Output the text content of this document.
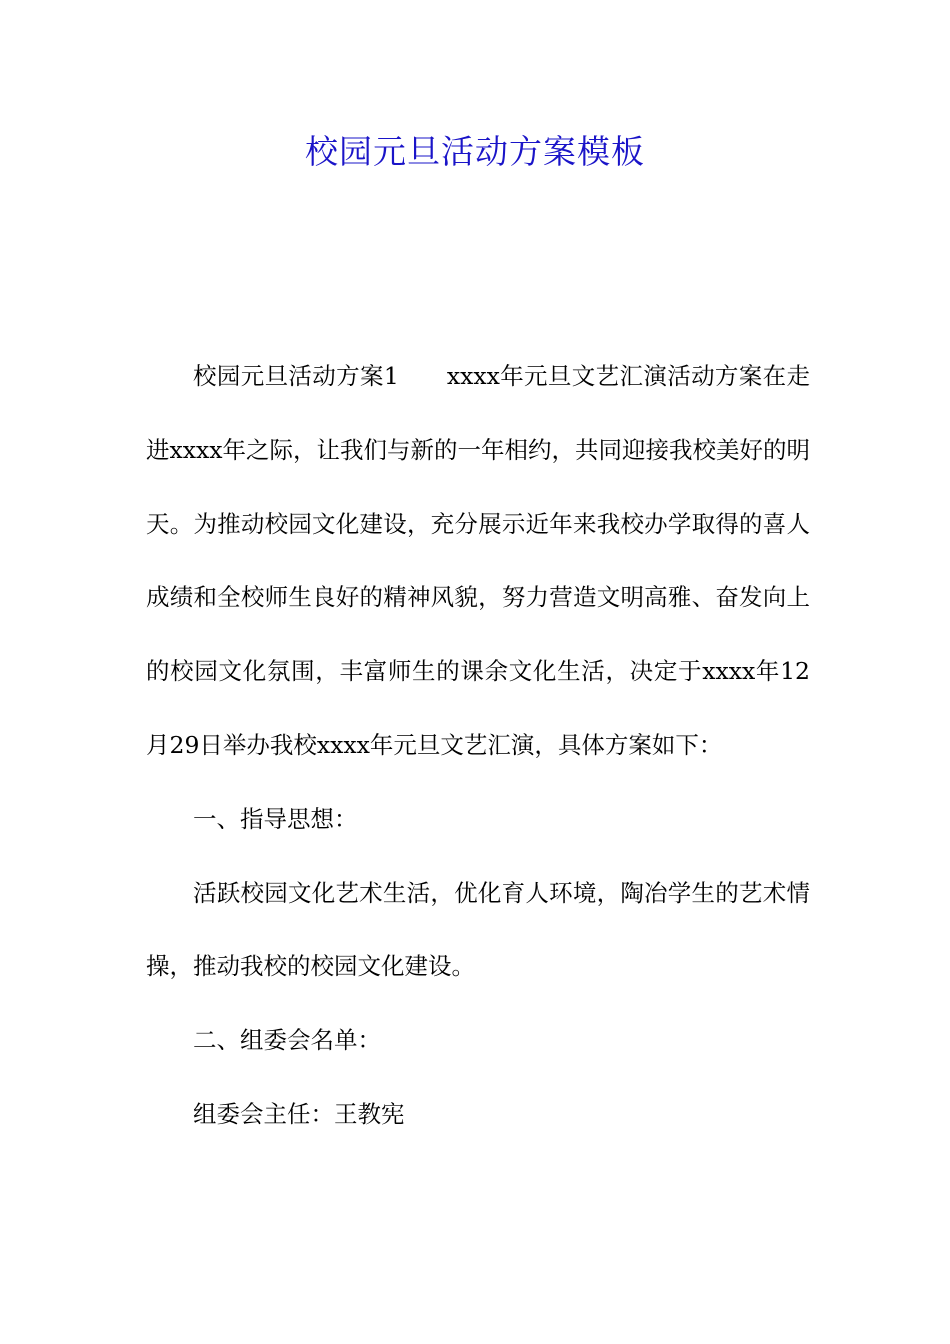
校园元旦活动方案模板

校园元旦活动方案1 xxxx年元旦文艺汇演活动方案在走进xxxx年之际，让我们与新的一年相约，共同迎接我校美好的明天。为推动校园文化建设，充分展示近年来我校办学取得的喜人成绩和全校师生良好的精神风貌，努力营造文明高雅、奋发向上的校园文化氛围，丰富师生的课余文化生活，决定于xxxx年12月29日举办我校xxxx年元旦文艺汇演，具体方案如下：

一、指导思想：

活跃校园文化艺术生活，优化育人环境，陶冶学生的艺术情操，推动我校的校园文化建设。

二、组委会名单：

组委会主任：王教宪
